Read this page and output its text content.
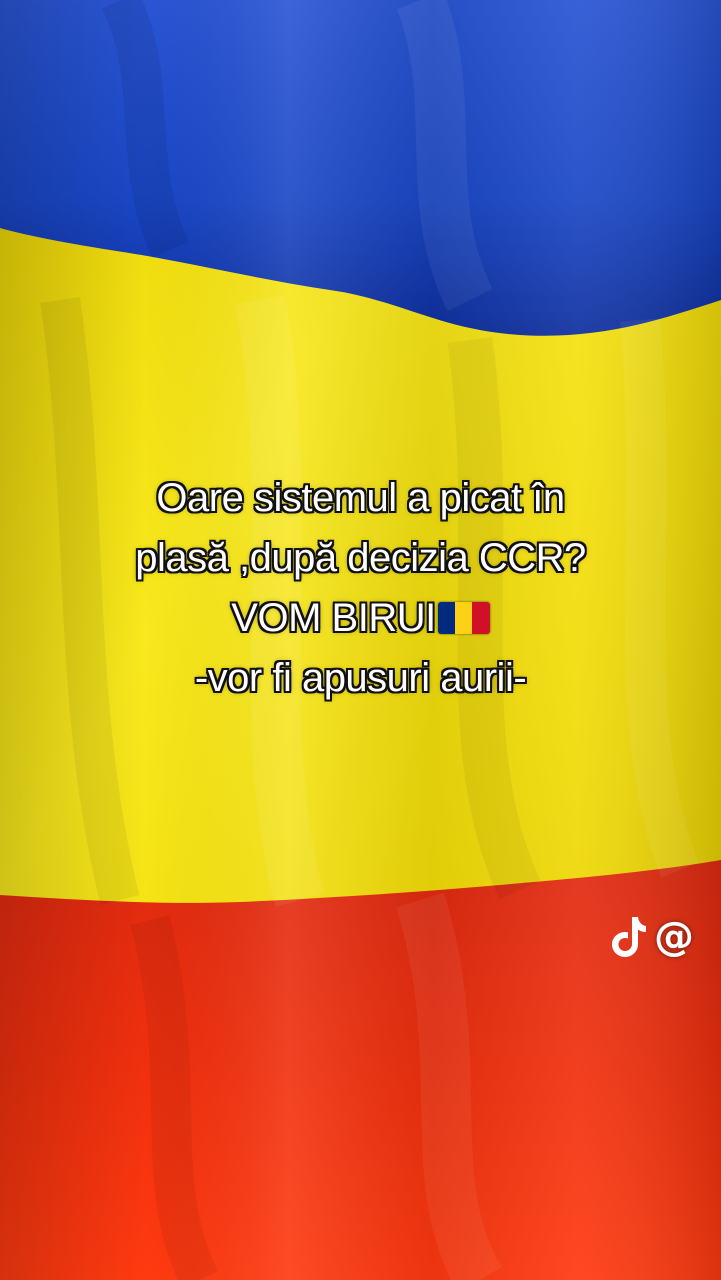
Oare sistemul a picat în
plasă ,după decizia CCR?
VOM BIRUI
-vor fi apusuri aurii-
@
